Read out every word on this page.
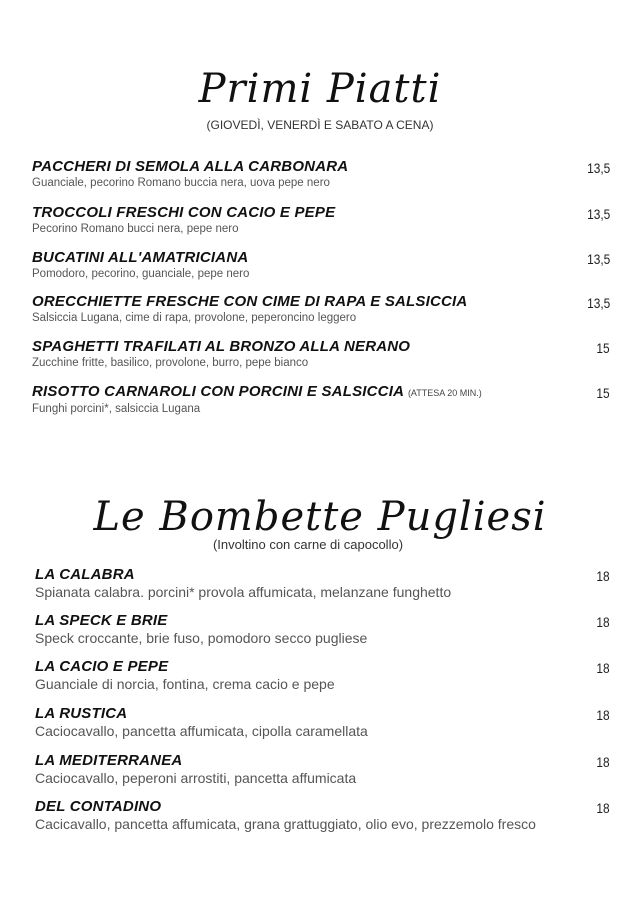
Primi Piatti
(GIOVEDÌ, VENERDÌ E SABATO A CENA)
PACCHERI DI SEMOLA ALLA CARBONARA
Guanciale, pecorino Romano buccia nera, uova pepe nero
13,5
TROCCOLI FRESCHI CON CACIO E PEPE
Pecorino Romano bucci nera, pepe nero
13,5
BUCATINI ALL'AMATRICIANA
Pomodoro, pecorino, guanciale, pepe nero
13,5
ORECCHIETTE FRESCHE CON CIME DI RAPA E SALSICCIA
Salsiccia Lugana, cime di rapa, provolone, peperoncino leggero
13,5
SPAGHETTI TRAFILATI AL BRONZO ALLA NERANO
Zucchine fritte, basilico, provolone, burro, pepe bianco
15
RISOTTO CARNAROLI CON PORCINI E SALSICCIA (ATTESA 20 MIN.)
Funghi porcini*, salsiccia Lugana
15
Le Bombette Pugliesi
(Involtino con carne di capocollo)
LA CALABRA
Spianata calabra. porcini* provola affumicata, melanzane funghetto
18
LA SPECK E BRIE
Speck croccante, brie fuso, pomodoro secco pugliese
18
LA CACIO E PEPE
Guanciale di norcia, fontina, crema cacio e pepe
18
LA RUSTICA
Caciocavallo, pancetta affumicata, cipolla caramellata
18
LA MEDITERRANEA
Caciocavallo, peperoni arrostiti, pancetta affumicata
18
DEL CONTADINO
Cacicavallo, pancetta affumicata, grana grattuggiato, olio evo, prezzemolo fresco
18
